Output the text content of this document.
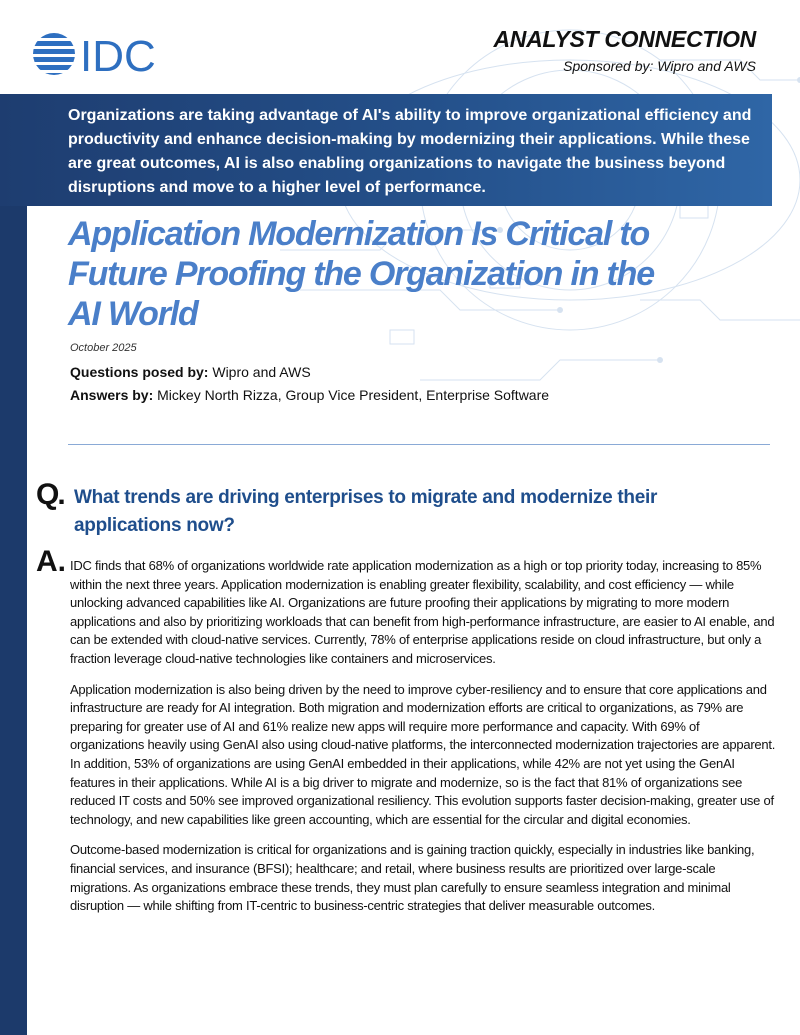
IDC	ANALYST CONNECTION
Sponsored by: Wipro and AWS
Organizations are taking advantage of AI's ability to improve organizational efficiency and productivity and enhance decision-making by modernizing their applications. While these are great outcomes, AI is also enabling organizations to navigate the business beyond disruptions and move to a higher level of performance.
Application Modernization Is Critical to
Future Proofing the Organization in the
AI World
October 2025
Questions posed by: Wipro and AWS
Answers by: Mickey North Rizza, Group Vice President, Enterprise Software
Q. What trends are driving enterprises to migrate and modernize their applications now?
A. IDC finds that 68% of organizations worldwide rate application modernization as a high or top priority today, increasing to 85% within the next three years. Application modernization is enabling greater flexibility, scalability, and cost efficiency — while unlocking advanced capabilities like AI. Organizations are future proofing their applications by migrating to more modern applications and also by prioritizing workloads that can benefit from high-performance infrastructure, are easier to AI enable, and can be extended with cloud-native services. Currently, 78% of enterprise applications reside on cloud infrastructure, but only a fraction leverage cloud-native technologies like containers and microservices.

Application modernization is also being driven by the need to improve cyber-resiliency and to ensure that core applications and infrastructure are ready for AI integration. Both migration and modernization efforts are critical to organizations, as 79% are preparing for greater use of AI and 61% realize new apps will require more performance and capacity. With 69% of organizations heavily using GenAI also using cloud-native platforms, the interconnected modernization trajectories are apparent. In addition, 53% of organizations are using GenAI embedded in their applications, while 42% are not yet using the GenAI features in their applications. While AI is a big driver to migrate and modernize, so is the fact that 81% of organizations see reduced IT costs and 50% see improved organizational resiliency. This evolution supports faster decision-making, greater use of technology, and new capabilities like green accounting, which are essential for the circular and digital economies.

Outcome-based modernization is critical for organizations and is gaining traction quickly, especially in industries like banking, financial services, and insurance (BFSI); healthcare; and retail, where business results are prioritized over large-scale migrations. As organizations embrace these trends, they must plan carefully to ensure seamless integration and minimal disruption — while shifting from IT-centric to business-centric strategies that deliver measurable outcomes.
